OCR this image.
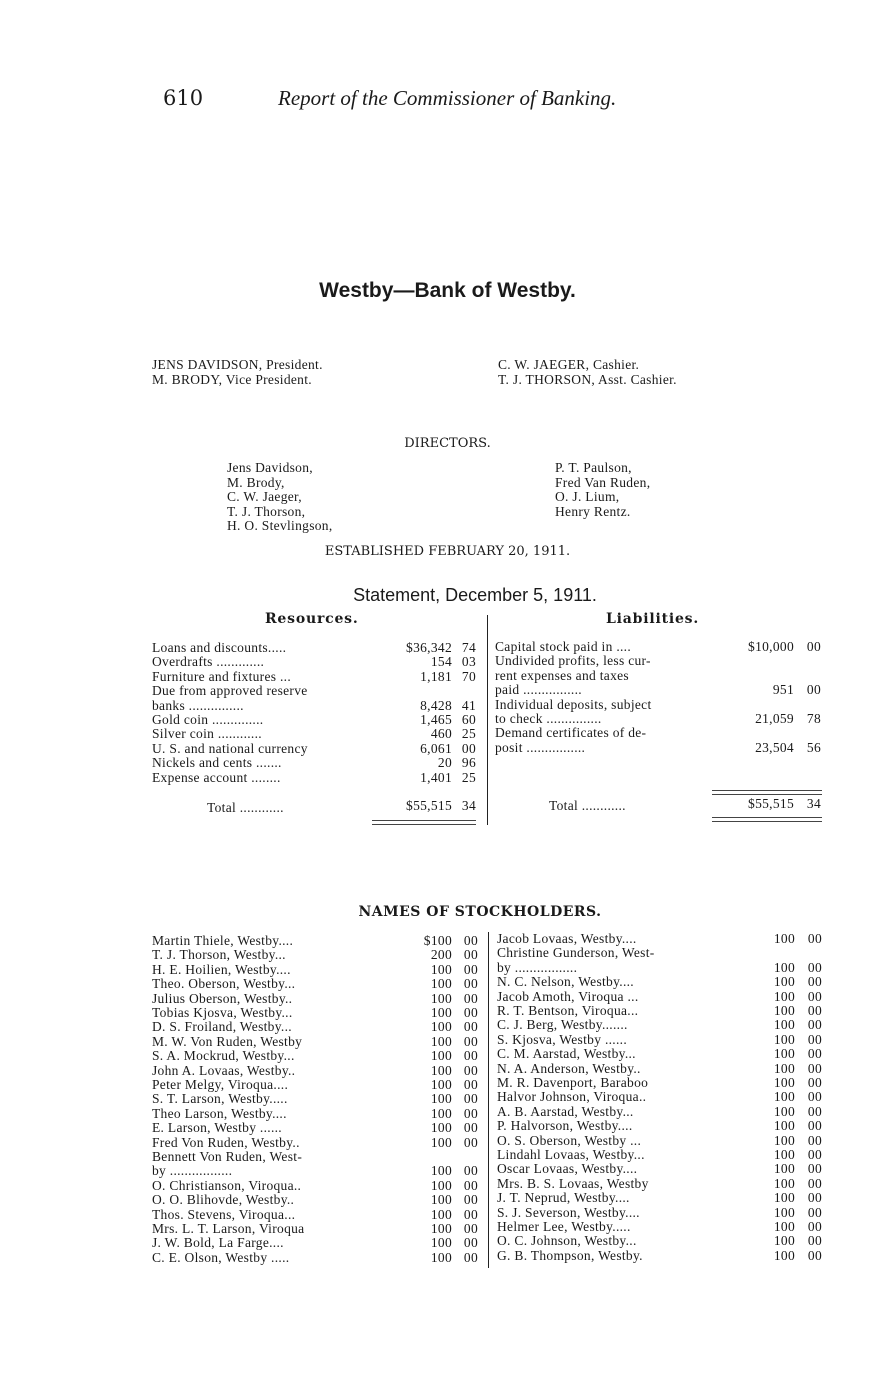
610	Report of the Commissioner of Banking.
Westby—Bank of Westby.
JENS DAVIDSON, President.
M. BRODY, Vice President.
C. W. JAEGER, Cashier.
T. J. THORSON, Asst. Cashier.
DIRECTORS.
Jens Davidson,
M. Brody,
C. W. Jaeger,
T. J. Thorson,
H. O. Stevlingson,
P. T. Paulson,
Fred Van Ruden,
O. J. Lium,
Henry Rentz.
ESTABLISHED FEBRUARY 20, 1911.
Statement, December 5, 1911.
Resources.	Liabilities.
Loans and discounts.....	$36,342 74
Overdrafts .............	154 03
Furniture and fixtures ...	1,181 70
Due from approved reserve
banks ...............	8,428 41
Gold coin ..............	1,465 60
Silver coin ............	460 25
U. S. and national currency	6,061 00
Nickels and cents .......	20 96
Expense account ........	1,401 25
Capital stock paid in ....	$10,000 00
Undivided profits, less cur-
rent expenses and taxes
paid ................	951 00
Individual deposits, subject
to check ...............	21,059 78
Demand certificates of de-
posit ................	23,504 56
Total ............	$55,515 34	Total ............	$55,515 34
NAMES OF STOCKHOLDERS.
Martin Thiele, Westby....	$100 00
T. J. Thorson, Westby...	200 00
H. E. Hoilien, Westby....	100 00
Theo. Oberson, Westby...	100 00
Julius Oberson, Westby..	100 00
Tobias Kjosva, Westby...	100 00
D. S. Froiland, Westby...	100 00
M. W. Von Ruden, Westby	100 00
S. A. Mockrud, Westby...	100 00
John A. Lovaas, Westby..	100 00
Peter Melgy, Viroqua....	100 00
S. T. Larson, Westby.....	100 00
Theo Larson, Westby....	100 00
E. Larson, Westby ......	100 00
Fred Von Ruden, Westby..	100 00
Bennett Von Ruden, West-
by .................	100 00
O. Christianson, Viroqua..	100 00
O. O. Blihovde, Westby..	100 00
Thos. Stevens, Viroqua...	100 00
Mrs. L. T. Larson, Viroqua	100 00
J. W. Bold, La Farge....	100 00
C. E. Olson, Westby .....	100 00
Jacob Lovaas, Westby....	100 00
Christine Gunderson, West-
by .................	100 00
N. C. Nelson, Westby....	100 00
Jacob Amoth, Viroqua ...	100 00
R. T. Bentson, Viroqua...	100 00
C. J. Berg, Westby.......	100 00
S. Kjosva, Westby ......	100 00
C. M. Aarstad, Westby...	100 00
N. A. Anderson, Westby..	100 00
M. R. Davenport, Baraboo	100 00
Halvor Johnson, Viroqua..	100 00
A. B. Aarstad, Westby...	100 00
P. Halvorson, Westby....	100 00
O. S. Oberson, Westby ...	100 00
Lindahl Lovaas, Westby...	100 00
Oscar Lovaas, Westby....	100 00
Mrs. B. S. Lovaas, Westby	100 00
J. T. Neprud, Westby....	100 00
S. J. Severson, Westby....	100 00
Helmer Lee, Westby.....	100 00
O. C. Johnson, Westby...	100 00
G. B. Thompson, Westby.	100 00
